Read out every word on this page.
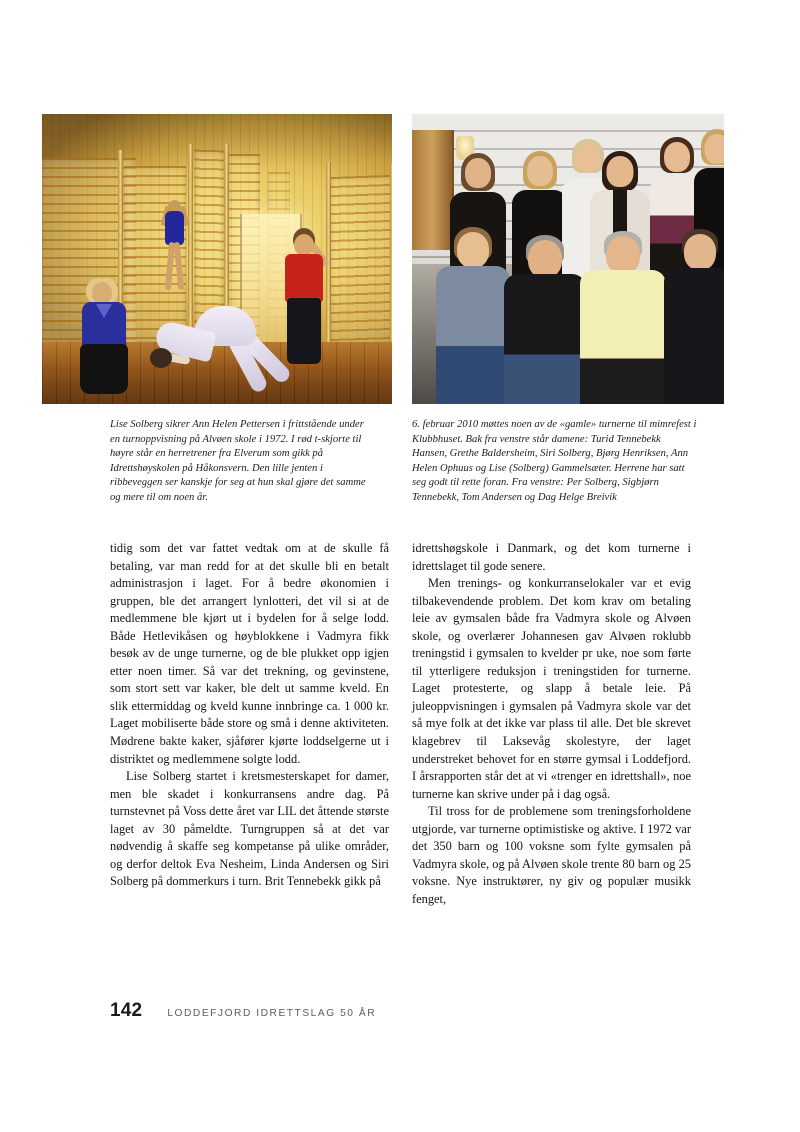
Lise Solberg sikrer Ann Helen Pettersen i frittstående under en turnoppvisning på Alvøen skole i 1972. I rød t-skjorte til høyre står en herretrener fra Elverum som gikk på Idrettshøyskolen på Håkonsvern. Den lille jenten i ribbeveggen ser kanskje for seg at hun skal gjøre det samme og mere til om noen år.
6. februar 2010 møttes noen av de «gamle» turnerne til mimrefest i Klubbhuset. Bak fra venstre står damene: Turid Tennebekk Hansen, Grethe Baldersheim, Siri Solberg, Bjørg Henriksen, Ann Helen Ophuus og Lise (Solberg) Gammelsæter. Herrene har satt seg godt til rette foran. Fra venstre: Per Solberg, Sigbjørn Tennebekk, Tom Andersen og Dag Helge Breivik

tidig som det var fattet vedtak om at de skulle få betaling, var man redd for at det skulle bli en betalt administrasjon i laget. For å bedre økonomien i gruppen, ble det arrangert lynlotteri, det vil si at de medlemmene ble kjørt ut i bydelen for å selge lodd. Både Hetlevikåsen og høyblokkene i Vadmyra fikk besøk av de unge turnerne, og de ble plukket opp igjen etter noen timer. Så var det trekning, og gevinstene, som stort sett var kaker, ble delt ut samme kveld. En slik ettermiddag og kveld kunne innbringe ca. 1 000 kr. Laget mobiliserte både store og små i denne aktiviteten. Mødrene bakte kaker, sjåfører kjørte loddselgerne ut i distriktet og medlemmene solgte lodd.

Lise Solberg startet i kretsmesterskapet for damer, men ble skadet i konkurransens andre dag. På turnstevnet på Voss dette året var LIL det åttende største laget av 30 påmeldte. Turngruppen så at det var nødvendig å skaffe seg kompetanse på ulike områder, og derfor deltok Eva Nesheim, Linda Andersen og Siri Solberg på dommerkurs i turn. Brit Tennebekk gikk på

idrettshøgskole i Danmark, og det kom turnerne i idrettslaget til gode senere.

Men trenings- og konkurranselokaler var et evig tilbakevendende problem. Det kom krav om betaling leie av gymsalen både fra Vadmyra skole og Alvøen skole, og overlærer Johannesen gav Alvøen roklubb treningstid i gymsalen to kvelder pr uke, noe som førte til ytterligere reduksjon i treningstiden for turnerne. Laget protesterte, og slapp å betale leie. På juleoppvisningen i gymsalen på Vadmyra skole var det så mye folk at det ikke var plass til alle. Det ble skrevet klagebrev til Laksevåg skolestyre, der laget understreket behovet for en større gymsal i Loddefjord. I årsrapporten står det at vi «trenger en idrettshall», noe turnerne kan skrive under på i dag også.

Til tross for de problemene som treningsforholdene utgjorde, var turnerne optimistiske og aktive. I 1972 var det 350 barn og 100 voksne som fylte gymsalen på Vadmyra skole, og på Alvøen skole trente 80 barn og 25 voksne. Nye instruktører, ny giv og populær musikk fenget,

142 LODDEFJORD IDRETTSLAG 50 ÅR
